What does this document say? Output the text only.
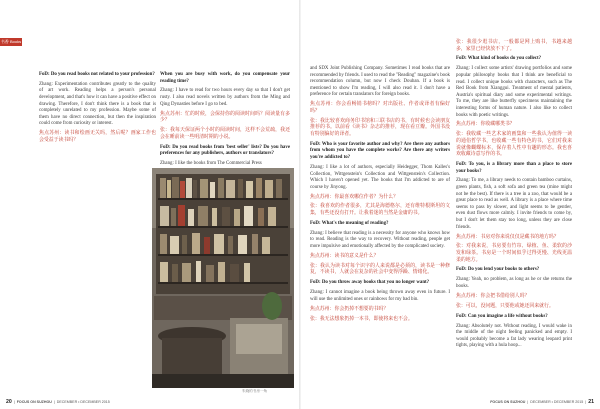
书香 Books

FoD: Do you read books not related to your profession?

Zhang: Experimentation contributes greatly to the quality of art work. Reading helps a person's personal development, and that's how it can have a positive effect on drawing. Therefore, I don't think there is a book that is completely unrelated to my profession. Maybe some of them have no direct connection, but then the inspiration could come from curiosity or interest.

焦点苏州：读书和绘画无关吗，然后呢？画家工作也会受益于读书吗？

When you are busy with work, do you compensate your reading time?

Zhang: I have to read for two hours every day so that I don't get rusty. I also read novels written by authors from the Ming and Qing Dynasties before I go to bed.

焦点苏州：忙的时候，会保持你的阅读时间吗？阅读量有多少？

张：我每天保证两个小时的阅读时间，这样不会荒疏，我还会在睡前读一些明清时期的小说。

FoD: Do you read books from 'best seller' lists? Do you have preferences for any publishers, authors or translators?

Zhang: I like the books from The Commercial Press

and SDX Joint Publishing Company. Sometimes I read books that are recommended by friends. I used to read the "Reading" magazine's book recommendation column, but now I check Douban. If a book is mentioned to show I'm reading, I will also read it. I don't have a preference for certain translators for foreign books.

焦点苏州：你会看畅销书榜吗？对出版社、作者或译者有偏好吗？

张：我比较喜欢商务印书馆和三联书店的书，有时候也会读朋友推荐的书。以前看《读书》杂志的推荐，现在看豆瓣。外国书没有特别偏好的译者。

FoD: Who is your favorite author and why? Are there any authors from whom you have the complete works? Are there any writers you're addicted to?

Zhang: I like a lot of authors, especially Heidegger, Thom Kalles's Collection, Wittgenstein's Collection and Wittgenstein's Collection. Which I haven't opened yet. The books that I'm addicted to are of course by Jinyong.

焦点苏州：你最喜欢哪位作者？为什么？

张：我喜欢的作者很多，尤其是海德格尔，还有维特根斯坦的文集，有些还没有打开。让我着迷的当然是金庸的书。

FoD: What's the meaning of reading?

Zhang: I believe that reading is a necessity for anyone who knows how to read. Reading is the way to recovery. Without reading, people get more impulsive and emotionally affected by the complicated society.

焦点苏州：读书的意义是什么？

张：我认为读书对每个识字的人来说都是必须的，读书是一种修复，不读书，人就会在复杂的社会中变得浮躁、情绪化。

FoD: Do you throw away books that you no longer want?

Zhang: I cannot imagine a book being thrown away even in future. I will use the unlimited ones or rainbows for my bad bin.

焦点苏州：你会扔掉不想要的书吗？

张：我无法想象扔掉一本书，即使将来也不会。

张：我很少逛书店，一般都是网上购书，书越来越多，家里已经快放不下了。

FoD: What kind of books do you collect?

Zhang: I collect some artists' drawing portfolios and some popular philosophy books that I think are beneficial to read. I collect unique books with characters, such as The Red Book from Xianggui. Treatment of mental patients, Austria's spiritual diary and some experimental writings. To me, they are like butterfly specimens maintaining the interesting forms of human nature. I also like to collect books with poetic writings.

焦点苏州：你收藏哪类书？

张：我收藏一些艺术家的画集和一些我认为值得一读的通俗哲学书，也收藏一些有特色的书，它们对我来说就像蝴蝶标本，保存着人性中有趣的形态。我也喜欢收藏诗意写作的书。

FoD: To you, is a library more than a place to store your books?

Zhang: To me, a library needs to contain bamboo curtains, green plants, fish, a soft sofa and green tea (mine might not be the best). If there is a tree in a zoo, that would be a great place to read as well. A library is a place where time seems to pass by slower, and light seems to be gentler, even dust flows more calmly. I invite friends to come by, but I don't let them stay too long, unless they are close friends.

焦点苏州：书房对你来说仅仅是藏书的地方吗？

张：对我来说，书房要有竹帘、绿植、鱼、柔软的沙发和绿茶。书房是一个时间似乎过得更慢、光线更温柔的地方。

FoD: Do you lend your books to others?

Zhang: Yeah, no problem, as long as he or she returns the books.

焦点苏州：你会把书借给别人吗？

张：可以，没问题，只要他或她还回来就行。

FoD: Can you imagine a life without books?

Zhang: Absolutely not. Without reading, I would wake in the middle of the night feeling panicked and empty. I would probably become a fat lady wearing leopard print tights, playing with a hula hoop...

朱晓的书房一角
20  |  FOCUS ON SUZHOU  |  DECEMBER • DECEMBER 2015	FOCUS ON SUZHOU  |  DECEMBER • DECEMBER 2015  |  21
